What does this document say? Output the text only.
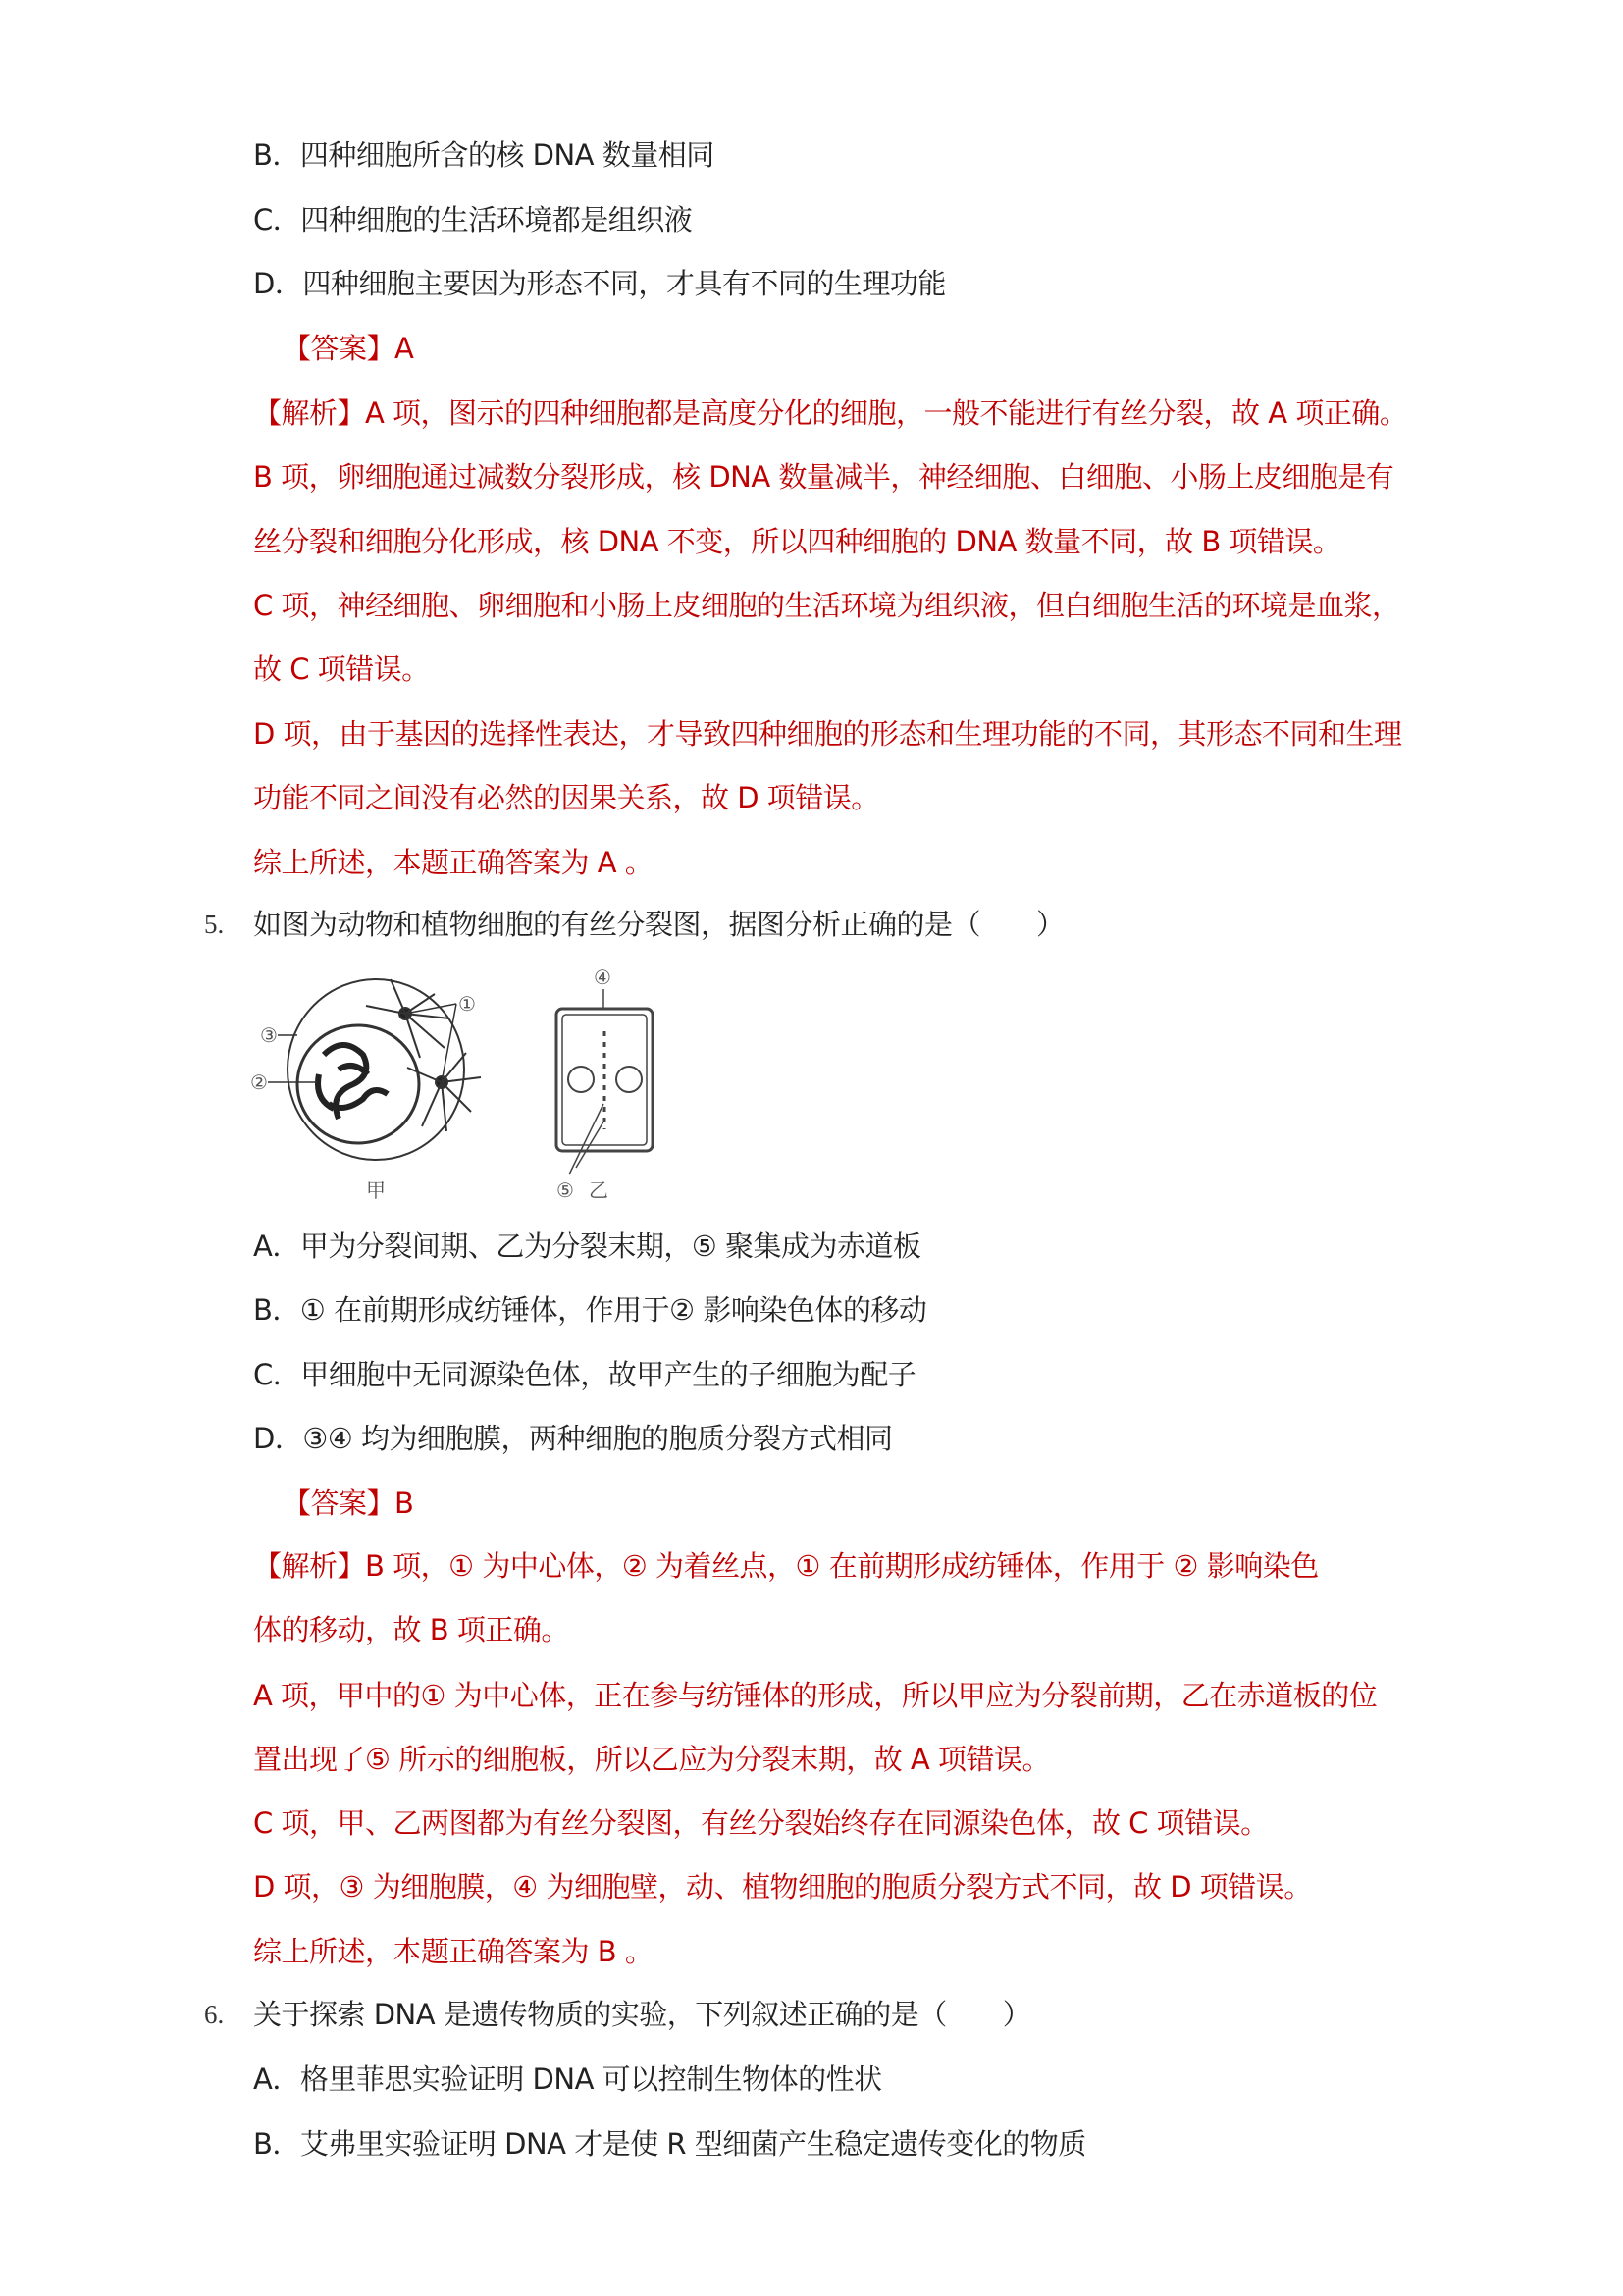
B．四种细胞所含的核 DNA 数量相同
C．四种细胞的生活环境都是组织液
D．四种细胞主要因为形态不同，才具有不同的生理功能
【答案】A
【解析】A 项，图示的四种细胞都是高度分化的细胞，一般不能进行有丝分裂，故 A 项正确。
B 项，卵细胞通过减数分裂形成，核 DNA 数量减半，神经细胞、白细胞、小肠上皮细胞是有
丝分裂和细胞分化形成，核 DNA 不变，所以四种细胞的 DNA 数量不同，故 B 项错误。
C 项，神经细胞、卵细胞和小肠上皮细胞的生活环境为组织液，但白细胞生活的环境是血浆，
故 C 项错误。
D 项，由于基因的选择性表达，才导致四种细胞的形态和生理功能的不同，其形态不同和生理
功能不同之间没有必然的因果关系，故 D 项错误。
综上所述，本题正确答案为 A 。
5. 如图为动物和植物细胞的有丝分裂图，据图分析正确的是（　　）
③
②
①
甲
④
⑤ 乙
A．甲为分裂间期、乙为分裂末期，⑤ 聚集成为赤道板
B．① 在前期形成纺锤体，作用于② 影响染色体的移动
C．甲细胞中无同源染色体，故甲产生的子细胞为配子
D．③④ 均为细胞膜，两种细胞的胞质分裂方式相同
【答案】B
【解析】B 项，① 为中心体，② 为着丝点，① 在前期形成纺锤体，作用于 ② 影响染色
体的移动，故 B 项正确。
A 项，甲中的① 为中心体，正在参与纺锤体的形成，所以甲应为分裂前期，乙在赤道板的位
置出现了⑤ 所示的细胞板，所以乙应为分裂末期，故 A 项错误。
C 项，甲、乙两图都为有丝分裂图，有丝分裂始终存在同源染色体，故 C 项错误。
D 项，③ 为细胞膜，④ 为细胞壁，动、植物细胞的胞质分裂方式不同，故 D 项错误。
综上所述，本题正确答案为 B 。
6. 关于探索 DNA 是遗传物质的实验，下列叙述正确的是（　　）
A．格里菲思实验证明 DNA 可以控制生物体的性状
B．艾弗里实验证明 DNA 才是使 R 型细菌产生稳定遗传变化的物质
